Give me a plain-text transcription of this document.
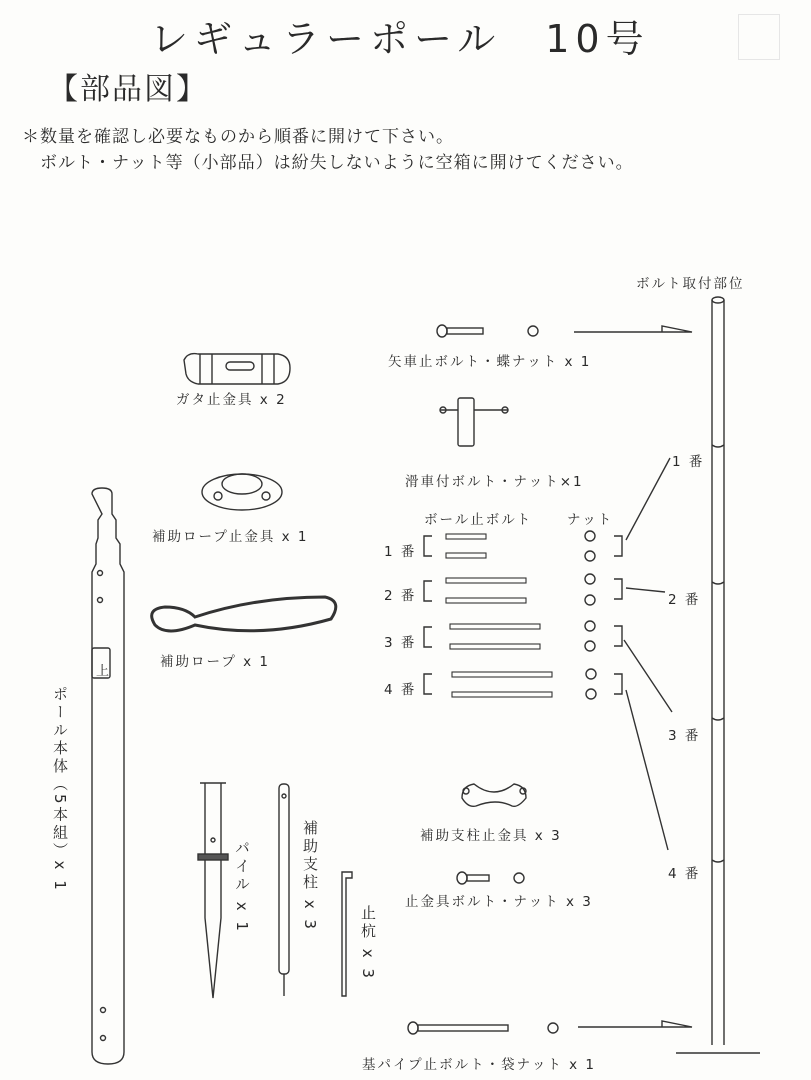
レギュラーポール　10号
【部品図】
＊数量を確認し必要なものから順番に開けて下さい。
　ボルト・ナット等（小部品）は紛失しないように空箱に開けてください。
ガタ止金具 x 2
補助ロープ止金具 x 1
補助ロープ x 1
ポール本体（5本組）x 1
上
パイル x 1	補助支柱 x 3
止杭 x 3
矢車止ボルト・蝶ナット x 1
滑車付ボルト・ナット×1
ボール止ボルト	ナット
1 番
2 番
3 番
4 番
補助支柱止金具 x 3
止金具ボルト・ナット x 3
基パイプ止ボルト・袋ナット x 1
ボルト取付部位
1 番
2 番
3 番
4 番
